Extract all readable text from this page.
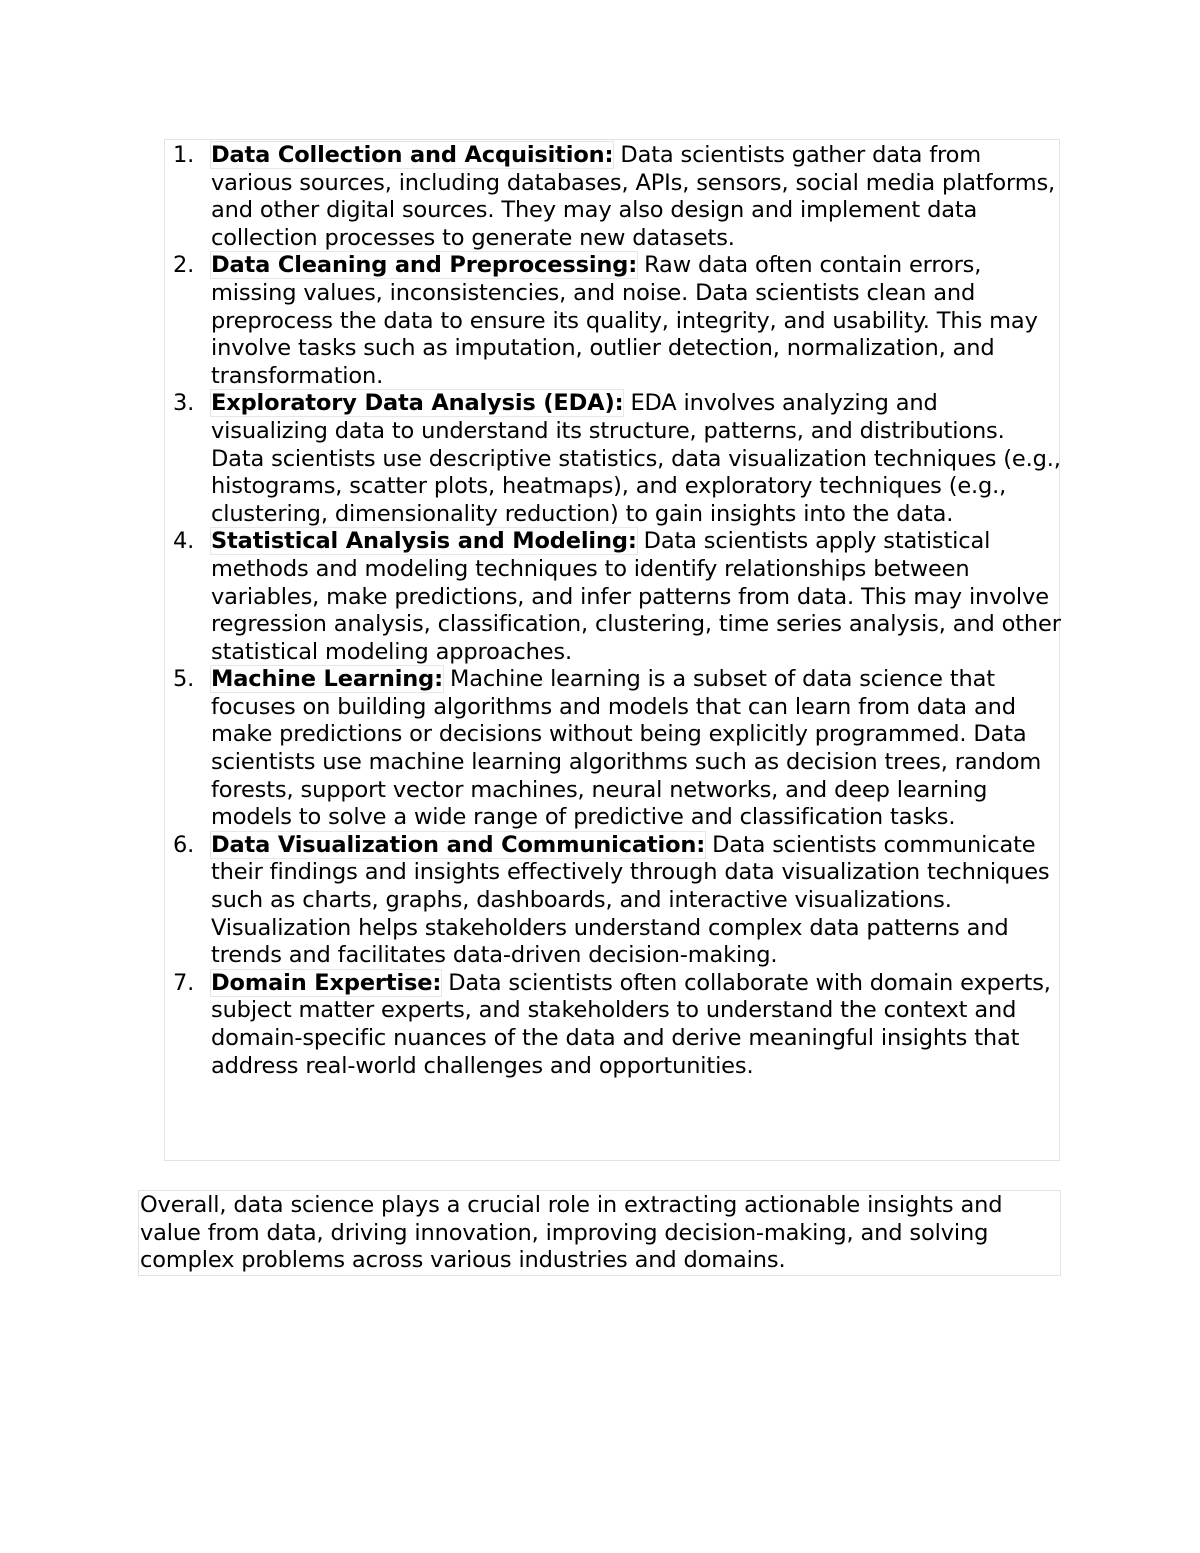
1. Data Collection and Acquisition: Data scientists gather data from various sources, including databases, APIs, sensors, social media platforms, and other digital sources. They may also design and implement data collection processes to generate new datasets.
2. Data Cleaning and Preprocessing: Raw data often contain errors, missing values, inconsistencies, and noise. Data scientists clean and preprocess the data to ensure its quality, integrity, and usability. This may involve tasks such as imputation, outlier detection, normalization, and transformation.
3. Exploratory Data Analysis (EDA): EDA involves analyzing and visualizing data to understand its structure, patterns, and distributions. Data scientists use descriptive statistics, data visualization techniques (e.g., histograms, scatter plots, heatmaps), and exploratory techniques (e.g., clustering, dimensionality reduction) to gain insights into the data.
4. Statistical Analysis and Modeling: Data scientists apply statistical methods and modeling techniques to identify relationships between variables, make predictions, and infer patterns from data. This may involve regression analysis, classification, clustering, time series analysis, and other statistical modeling approaches.
5. Machine Learning: Machine learning is a subset of data science that focuses on building algorithms and models that can learn from data and make predictions or decisions without being explicitly programmed. Data scientists use machine learning algorithms such as decision trees, random forests, support vector machines, neural networks, and deep learning models to solve a wide range of predictive and classification tasks.
6. Data Visualization and Communication: Data scientists communicate their findings and insights effectively through data visualization techniques such as charts, graphs, dashboards, and interactive visualizations. Visualization helps stakeholders understand complex data patterns and trends and facilitates data-driven decision-making.
7. Domain Expertise: Data scientists often collaborate with domain experts, subject matter experts, and stakeholders to understand the context and domain-specific nuances of the data and derive meaningful insights that address real-world challenges and opportunities.
Overall, data science plays a crucial role in extracting actionable insights and value from data, driving innovation, improving decision-making, and solving complex problems across various industries and domains.
